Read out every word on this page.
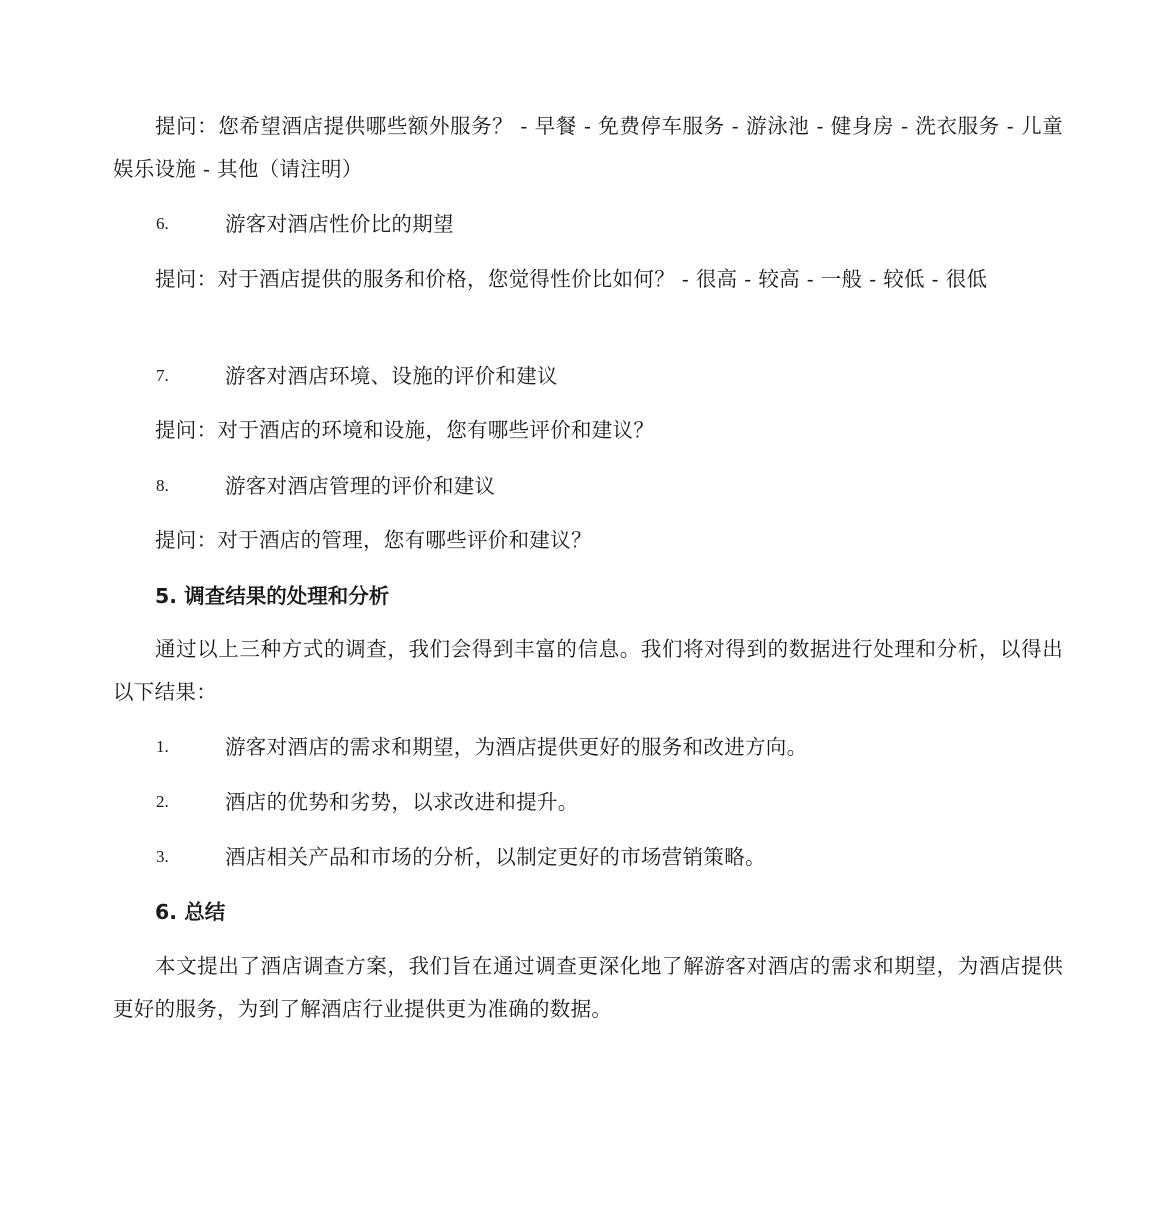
提问：您希望酒店提供哪些额外服务？ - 早餐 - 免费停车服务 - 游泳池 - 健身房 - 洗衣服务 - 儿童娱乐设施 - 其他（请注明）
6.	游客对酒店性价比的期望
提问：对于酒店提供的服务和价格，您觉得性价比如何？ - 很高 - 较高 - 一般 - 较低 - 很低
7.	游客对酒店环境、设施的评价和建议
提问：对于酒店的环境和设施，您有哪些评价和建议？
8.	游客对酒店管理的评价和建议
提问：对于酒店的管理，您有哪些评价和建议？
5. 调查结果的处理和分析
通过以上三种方式的调查，我们会得到丰富的信息。我们将对得到的数据进行处理和分析，以得出以下结果：
1.	游客对酒店的需求和期望，为酒店提供更好的服务和改进方向。
2.	酒店的优势和劣势，以求改进和提升。
3.	酒店相关产品和市场的分析，以制定更好的市场营销策略。
6. 总结
本文提出了酒店调查方案，我们旨在通过调查更深化地了解游客对酒店的需求和期望，为酒店提供更好的服务，为到了解酒店行业提供更为准确的数据。
